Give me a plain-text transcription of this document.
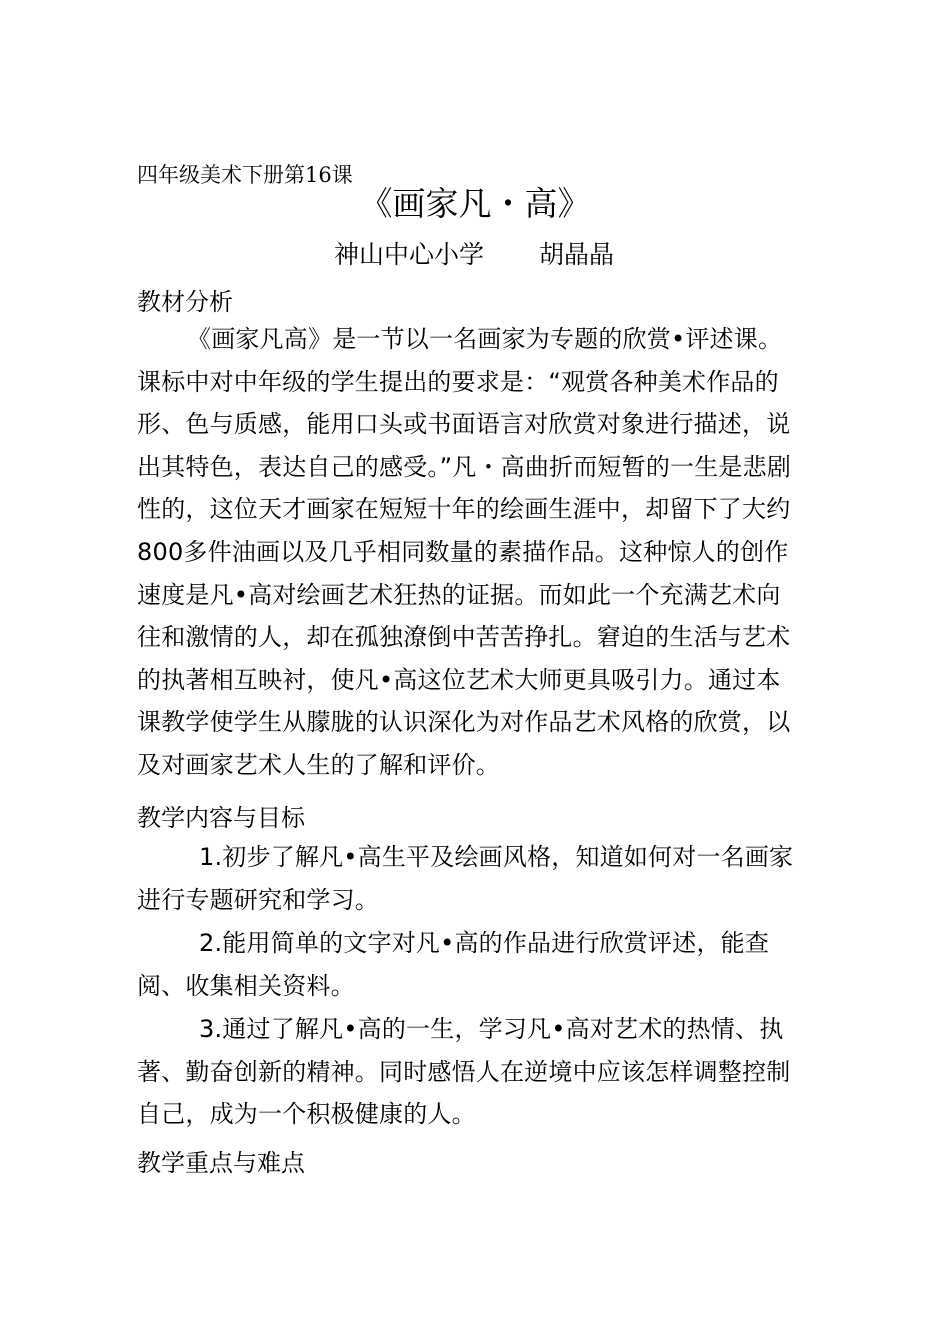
四年级美术下册第16课
《画家凡・高》
神山中心小学 胡晶晶
教材分析
《画家凡高》是一节以一名画家为专题的欣赏•评述课。
课标中对中年级的学生提出的要求是：“观赏各种美术作品的
形、色与质感，能用口头或书面语言对欣赏对象进行描述，说
出其特色，表达自己的感受。”凡・高曲折而短暂的一生是悲剧
性的，这位天才画家在短短十年的绘画生涯中，却留下了大约
800多件油画以及几乎相同数量的素描作品。这种惊人的创作
速度是凡•高对绘画艺术狂热的证据。而如此一个充满艺术向
往和激情的人，却在孤独潦倒中苦苦挣扎。窘迫的生活与艺术
的执著相互映衬，使凡•高这位艺术大师更具吸引力。通过本
课教学使学生从朦胧的认识深化为对作品艺术风格的欣赏，以
及对画家艺术人生的了解和评价。
教学内容与目标
1.初步了解凡•高生平及绘画风格，知道如何对一名画家
进行专题研究和学习。
2.能用简单的文字对凡•高的作品进行欣赏评述，能查
阅、收集相关资料。
3.通过了解凡•高的一生，学习凡•高对艺术的热情、执
著、勤奋创新的精神。同时感悟人在逆境中应该怎样调整控制
自己，成为一个积极健康的人。
教学重点与难点
